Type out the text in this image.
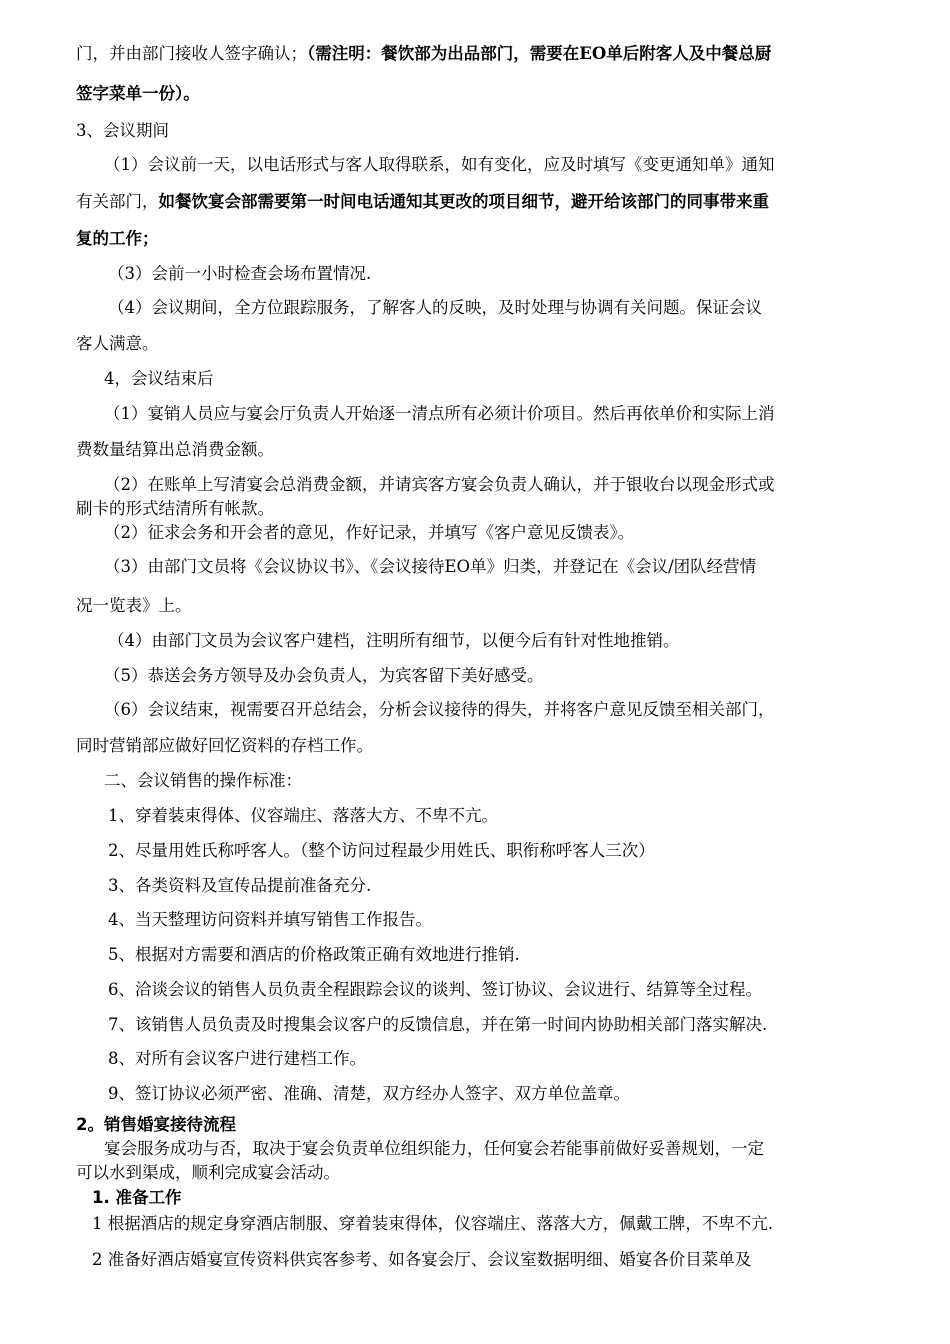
门，并由部门接收人签字确认；（需注明：餐饮部为出品部门，需要在EO单后附客人及中餐总厨

签字菜单一份）。

3、会议期间

（1）会议前一天，以电话形式与客人取得联系，如有变化，应及时填写《变更通知单》通知

有关部门，如餐饮宴会部需要第一时间电话通知其更改的项目细节，避开给该部门的同事带来重

复的工作；

（3）会前一小时检查会场布置情况.

（4）会议期间，全方位跟踪服务，了解客人的反映，及时处理与协调有关问题。保证会议

客人满意。

4，会议结束后

（1）宴销人员应与宴会厅负责人开始逐一清点所有必须计价项目。然后再依单价和实际上消

费数量结算出总消费金额。

（2）在账单上写清宴会总消费金额，并请宾客方宴会负责人确认，并于银收台以现金形式或

刷卡的形式结清所有帐款。

（2）征求会务和开会者的意见，作好记录，并填写《客户意见反馈表》。

（3）由部门文员将《会议协议书》、《会议接待EO单》归类，并登记在《会议/团队经营情

况一览表》上。

（4）由部门文员为会议客户建档，注明所有细节，以便今后有针对性地推销。

（5）恭送会务方领导及办会负责人，为宾客留下美好感受。

（6）会议结束，视需要召开总结会，分析会议接待的得失，并将客户意见反馈至相关部门，

同时营销部应做好回忆资料的存档工作。

二、会议销售的操作标准：

1、穿着装束得体、仪容端庄、落落大方、不卑不亢。

2、尽量用姓氏称呼客人。（整个访问过程最少用姓氏、职衔称呼客人三次）

3、各类资料及宣传品提前准备充分.

4、当天整理访问资料并填写销售工作报告。

5、根据对方需要和酒店的价格政策正确有效地进行推销.

6、洽谈会议的销售人员负责全程跟踪会议的谈判、签订协议、会议进行、结算等全过程。

7、该销售人员负责及时搜集会议客户的反馈信息，并在第一时间内协助相关部门落实解决.

8、对所有会议客户进行建档工作。

9、签订协议必须严密、准确、清楚，双方经办人签字、双方单位盖章。

2。销售婚宴接待流程

宴会服务成功与否，取决于宴会负责单位组织能力，任何宴会若能事前做好妥善规划，一定

可以水到渠成，顺利完成宴会活动。

1. 准备工作

1 根据酒店的规定身穿酒店制服、穿着装束得体，仪容端庄、落落大方，佩戴工牌，不卑不亢.

2 准备好酒店婚宴宣传资料供宾客参考、如各宴会厅、会议室数据明细、婚宴各价目菜单及
